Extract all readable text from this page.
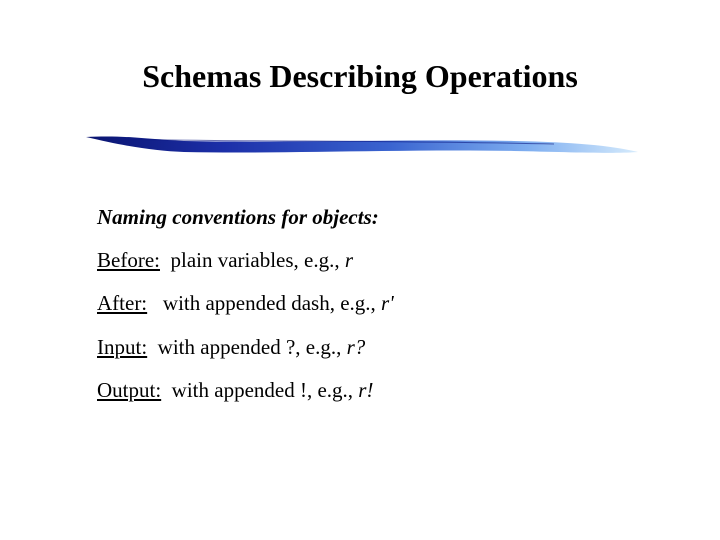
Schemas Describing Operations
Naming conventions for objects:
Before: plain variables, e.g., r
After: with appended dash, e.g., r'
Input: with appended ?, e.g., r?
Output: with appended !, e.g., r!
